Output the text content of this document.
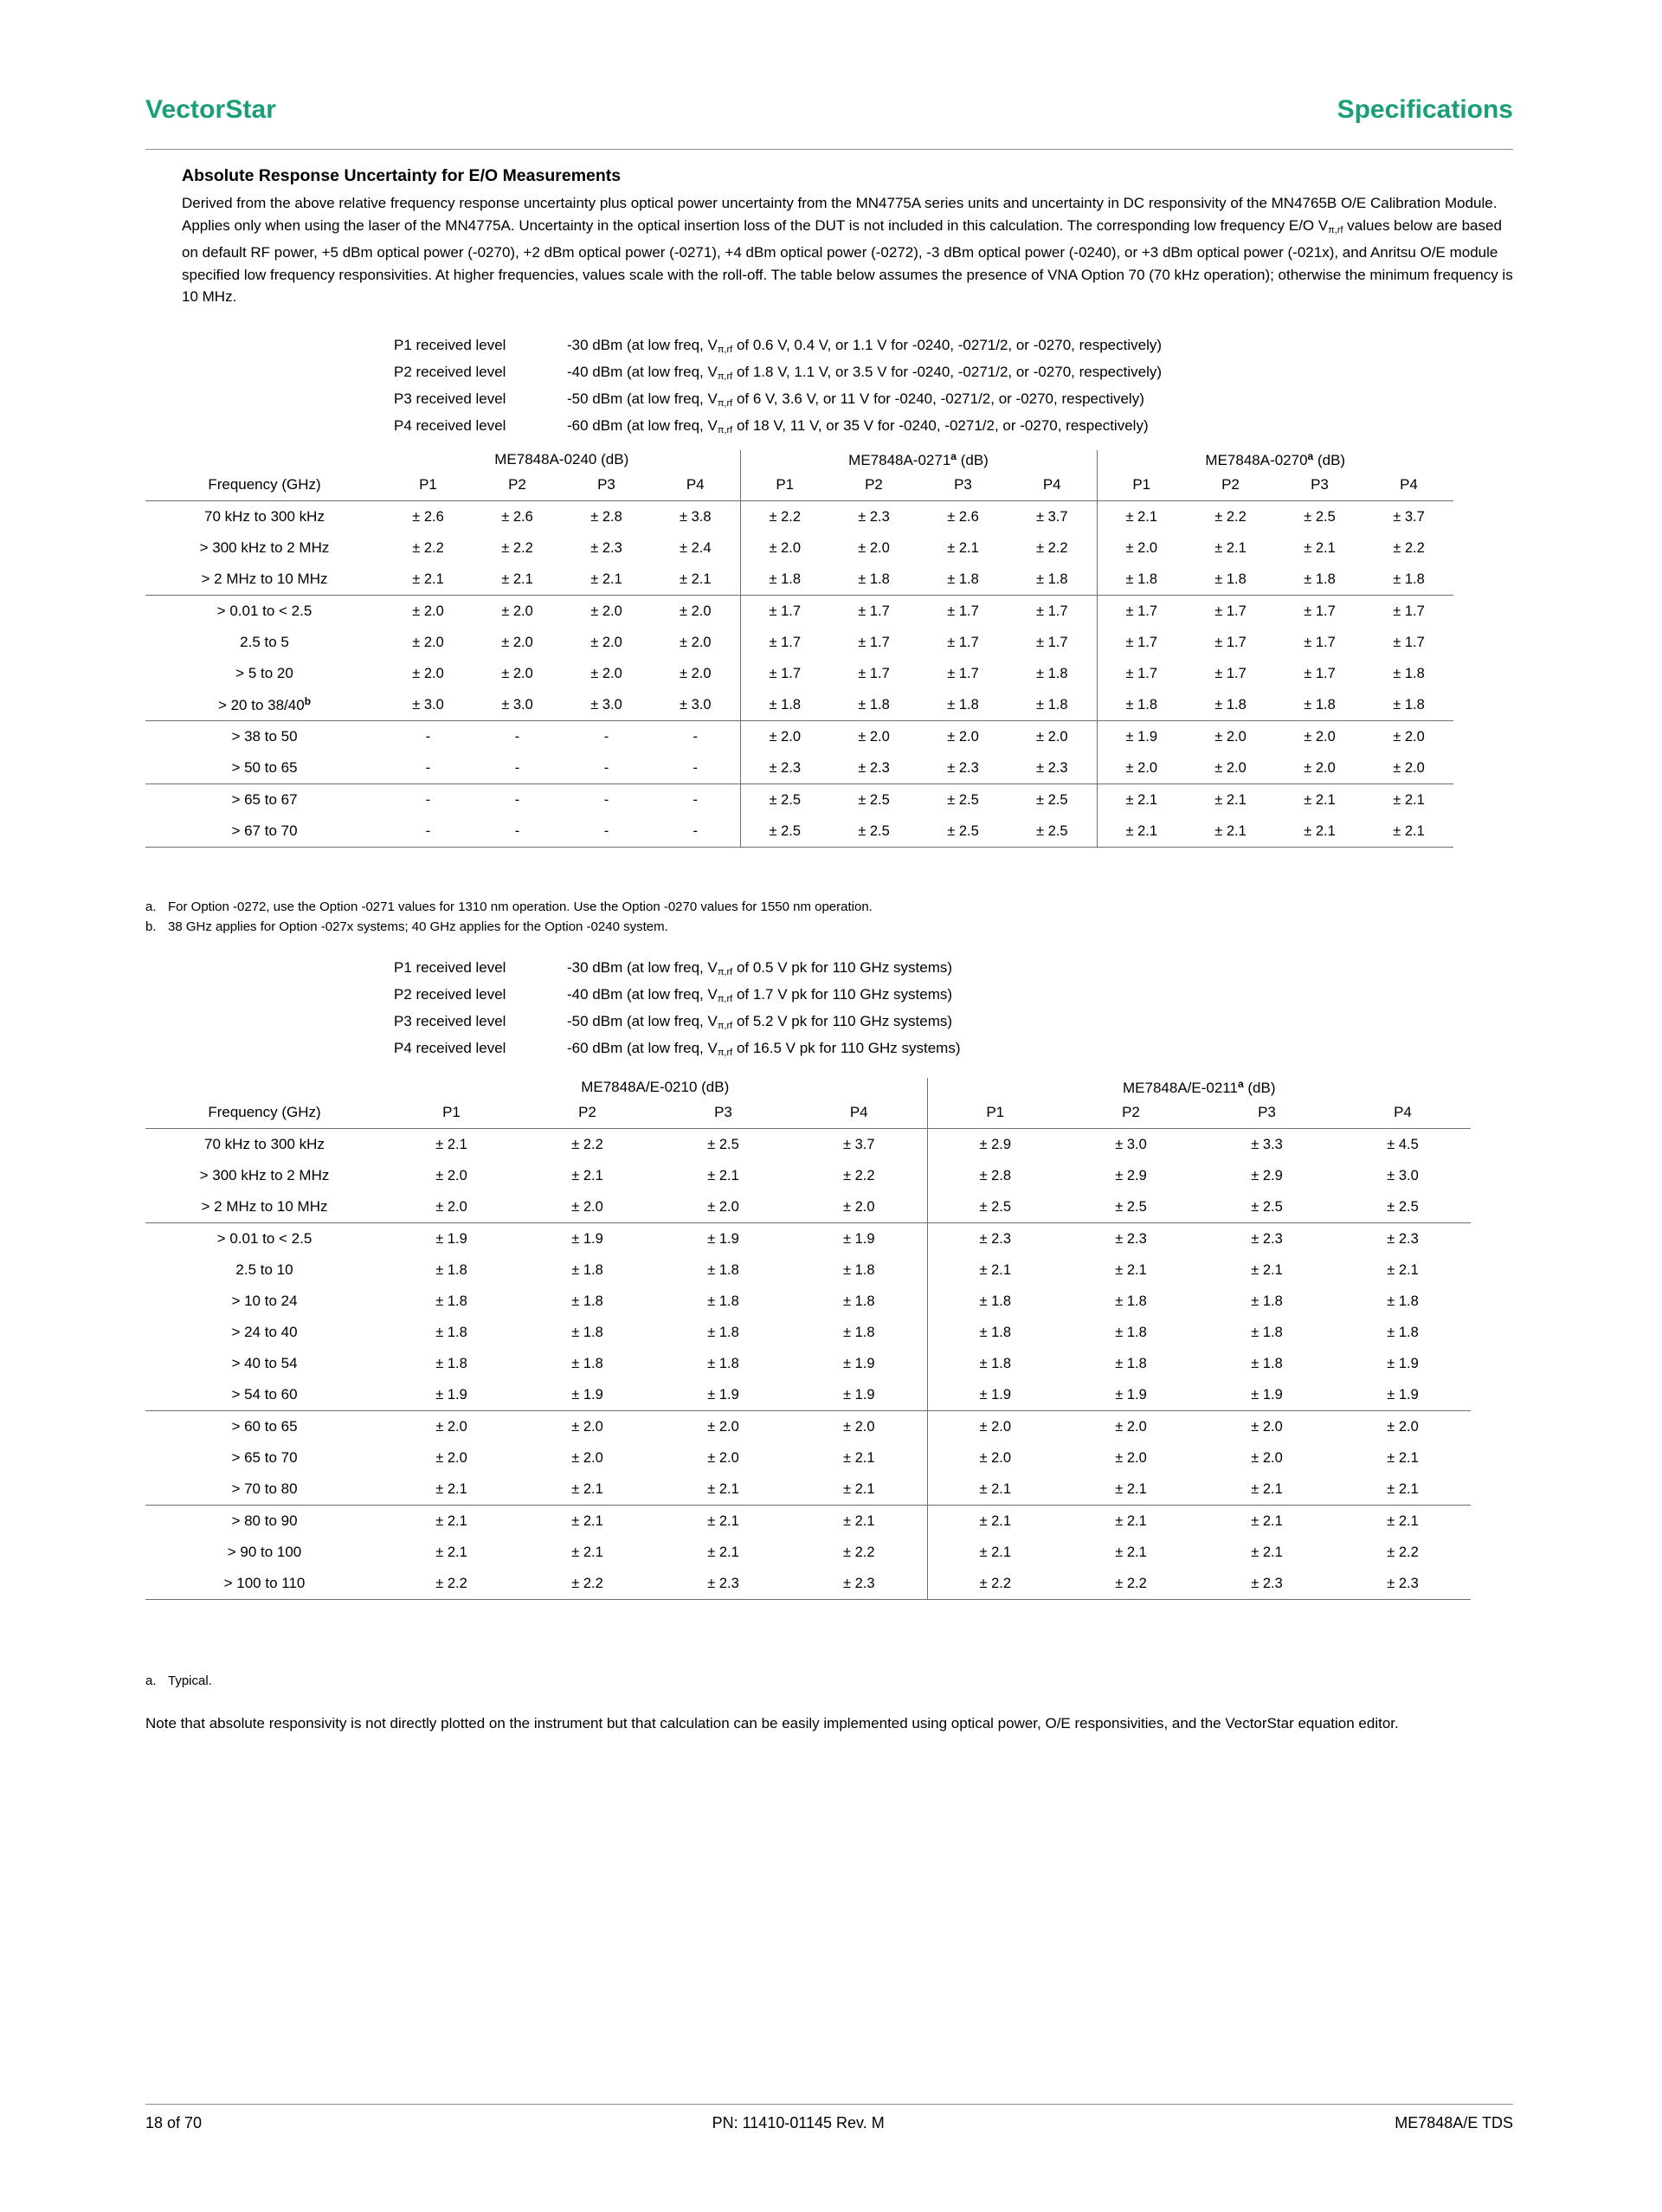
VectorStar	Specifications
Absolute Response Uncertainty for E/O Measurements
Derived from the above relative frequency response uncertainty plus optical power uncertainty from the MN4775A series units and uncertainty in DC responsivity of the MN4765B O/E Calibration Module. Applies only when using the laser of the MN4775A. Uncertainty in the optical insertion loss of the DUT is not included in this calculation. The corresponding low frequency E/O $V_{\pi,rf}$ values below are based on default RF power, +5 dBm optical power (-0270), +2 dBm optical power (-0271), +4 dBm optical power (-0272), -3 dBm optical power (-0240), or +3 dBm optical power (-021x), and Anritsu O/E module specified low frequency responsivities. At higher frequencies, values scale with the roll-off. The table below assumes the presence of VNA Option 70 (70 kHz operation); otherwise the minimum frequency is 10 MHz.
P1 received level	-30 dBm (at low freq, $V_{\pi,rf}$ of 0.6 V, 0.4 V, or 1.1 V for -0240, -0271/2, or -0270, respectively)
P2 received level	-40 dBm (at low freq, $V_{\pi,rf}$ of 1.8 V, 1.1 V, or 3.5 V for -0240, -0271/2, or -0270, respectively)
P3 received level	-50 dBm (at low freq, $V_{\pi,rf}$ of 6 V, 3.6 V, or 11 V for -0240, -0271/2, or -0270, respectively)
P4 received level	-60 dBm (at low freq, $V_{\pi,rf}$ of 18 V, 11 V, or 35 V for -0240, -0271/2, or -0270, respectively)
	ME7848A-0240 (dB)				ME7848A-0271$^a$ (dB)				ME7848A-0270$^a$ (dB)			
Frequency (GHz)	P1	P2	P3	P4	P1	P2	P3	P4	P1	P2	P3	P4
70 kHz to 300 kHz	± 2.6	± 2.6	± 2.8	± 3.8	± 2.2	± 2.3	± 2.6	± 3.7	± 2.1	± 2.2	± 2.5	± 3.7
> 300 kHz to 2 MHz	± 2.2	± 2.2	± 2.3	± 2.4	± 2.0	± 2.0	± 2.1	± 2.2	± 2.0	± 2.1	± 2.1	± 2.2
> 2 MHz to 10 MHz	± 2.1	± 2.1	± 2.1	± 2.1	± 1.8	± 1.8	± 1.8	± 1.8	± 1.8	± 1.8	± 1.8	± 1.8
> 0.01 to < 2.5	± 2.0	± 2.0	± 2.0	± 2.0	± 1.7	± 1.7	± 1.7	± 1.7	± 1.7	± 1.7	± 1.7	± 1.7
2.5 to 5	± 2.0	± 2.0	± 2.0	± 2.0	± 1.7	± 1.7	± 1.7	± 1.7	± 1.7	± 1.7	± 1.7	± 1.7
> 5 to 20	± 2.0	± 2.0	± 2.0	± 2.0	± 1.7	± 1.7	± 1.7	± 1.8	± 1.7	± 1.7	± 1.7	± 1.8
> 20 to 38/40$^b$	± 3.0	± 3.0	± 3.0	± 3.0	± 1.8	± 1.8	± 1.8	± 1.8	± 1.8	± 1.8	± 1.8	± 1.8
> 38 to 50	-	-	-	-	± 2.0	± 2.0	± 2.0	± 2.0	± 1.9	± 2.0	± 2.0	± 2.0
> 50 to 65	-	-	-	-	± 2.3	± 2.3	± 2.3	± 2.3	± 2.0	± 2.0	± 2.0	± 2.0
> 65 to 67	-	-	-	-	± 2.5	± 2.5	± 2.5	± 2.5	± 2.1	± 2.1	± 2.1	± 2.1
> 67 to 70	-	-	-	-	± 2.5	± 2.5	± 2.5	± 2.5	± 2.1	± 2.1	± 2.1	± 2.1
a. For Option -0272, use the Option -0271 values for 1310 nm operation. Use the Option -0270 values for 1550 nm operation.
b. 38 GHz applies for Option -027x systems; 40 GHz applies for the Option -0240 system.
P1 received level	-30 dBm (at low freq, $V_{\pi,rf}$ of 0.5 V pk for 110 GHz systems)
P2 received level	-40 dBm (at low freq, $V_{\pi,rf}$ of 1.7 V pk for 110 GHz systems)
P3 received level	-50 dBm (at low freq, $V_{\pi,rf}$ of 5.2 V pk for 110 GHz systems)
P4 received level	-60 dBm (at low freq, $V_{\pi,rf}$ of 16.5 V pk for 110 GHz systems)
	ME7848A/E-0210 (dB)				ME7848A/E-0211$^a$ (dB)			
Frequency (GHz)	P1	P2	P3	P4	P1	P2	P3	P4
70 kHz to 300 kHz	± 2.1	± 2.2	± 2.5	± 3.7	± 2.9	± 3.0	± 3.3	± 4.5
> 300 kHz to 2 MHz	± 2.0	± 2.1	± 2.1	± 2.2	± 2.8	± 2.9	± 2.9	± 3.0
> 2 MHz to 10 MHz	± 2.0	± 2.0	± 2.0	± 2.0	± 2.5	± 2.5	± 2.5	± 2.5
> 0.01 to < 2.5	± 1.9	± 1.9	± 1.9	± 1.9	± 2.3	± 2.3	± 2.3	± 2.3
2.5 to 10	± 1.8	± 1.8	± 1.8	± 1.8	± 2.1	± 2.1	± 2.1	± 2.1
> 10 to 24	± 1.8	± 1.8	± 1.8	± 1.8	± 1.8	± 1.8	± 1.8	± 1.8
> 24 to 40	± 1.8	± 1.8	± 1.8	± 1.8	± 1.8	± 1.8	± 1.8	± 1.8
> 40 to 54	± 1.8	± 1.8	± 1.8	± 1.9	± 1.8	± 1.8	± 1.8	± 1.9
> 54 to 60	± 1.9	± 1.9	± 1.9	± 1.9	± 1.9	± 1.9	± 1.9	± 1.9
> 60 to 65	± 2.0	± 2.0	± 2.0	± 2.0	± 2.0	± 2.0	± 2.0	± 2.0
> 65 to 70	± 2.0	± 2.0	± 2.0	± 2.1	± 2.0	± 2.0	± 2.0	± 2.1
> 70 to 80	± 2.1	± 2.1	± 2.1	± 2.1	± 2.1	± 2.1	± 2.1	± 2.1
> 80 to 90	± 2.1	± 2.1	± 2.1	± 2.1	± 2.1	± 2.1	± 2.1	± 2.1
> 90 to 100	± 2.1	± 2.1	± 2.1	± 2.2	± 2.1	± 2.1	± 2.1	± 2.2
> 100 to 110	± 2.2	± 2.2	± 2.3	± 2.3	± 2.2	± 2.2	± 2.3	± 2.3
a. Typical.
Note that absolute responsivity is not directly plotted on the instrument but that calculation can be easily implemented using optical power, O/E responsivities, and the VectorStar equation editor.
18 of 70	PN: 11410-01145 Rev. M	ME7848A/E TDS
